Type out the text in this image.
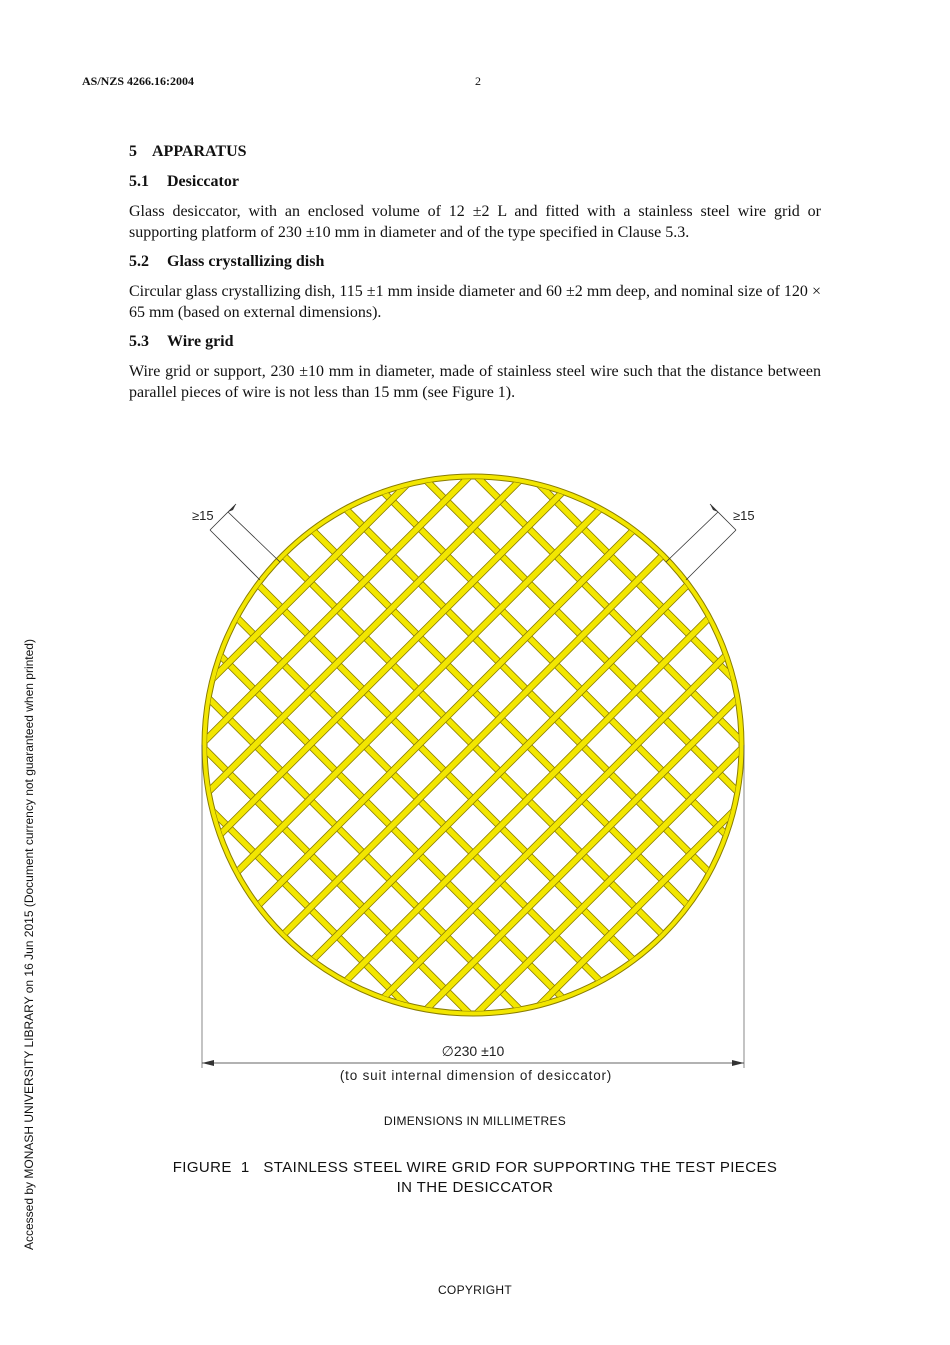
AS/NZS 4266.16:2004	2
Accessed by MONASH UNIVERSITY LIBRARY on 16 Jun 2015 (Document currency not guaranteed when printed)
5 APPARATUS
5.1 Desiccator

Glass desiccator, with an enclosed volume of 12 ±2 L and fitted with a stainless steel wire grid or supporting platform of 230 ±10 mm in diameter and of the type specified in Clause 5.3.

5.2 Glass crystallizing dish

Circular glass crystallizing dish, 115 ±1 mm inside diameter and 60 ±2 mm deep, and nominal size of 120 × 65 mm (based on external dimensions).

5.3 Wire grid

Wire grid or support, 230 ±10 mm in diameter, made of stainless steel wire such that the distance between parallel pieces of wire is not less than 15 mm (see Figure 1).

≥15	≥15
∅230 ±10
(to suit internal dimension of desiccator)
DIMENSIONS IN MILLIMETRES
FIGURE  1   STAINLESS STEEL WIRE GRID FOR SUPPORTING THE TEST PIECES
IN THE DESICCATOR
COPYRIGHT
